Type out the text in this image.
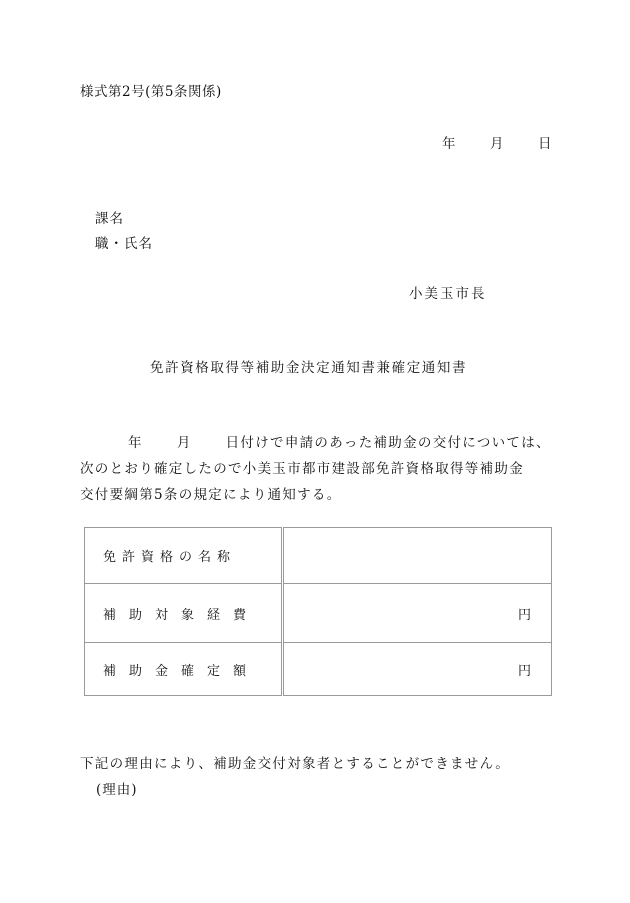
様式第2号(第5条関係)
年	月	日
課名
職・氏名
小美玉市長
免許資格取得等補助金決定通知書兼確定通知書
年	月	日付けで申請のあった補助金の交付については、
次のとおり確定したので小美玉市都市建設部免許資格取得等補助金
交付要綱第5条の規定により通知する。
免許資格の名称	
補助対象経費	円
補助金確定額	円
下記の理由により、補助金交付対象者とすることができません。
(理由)
